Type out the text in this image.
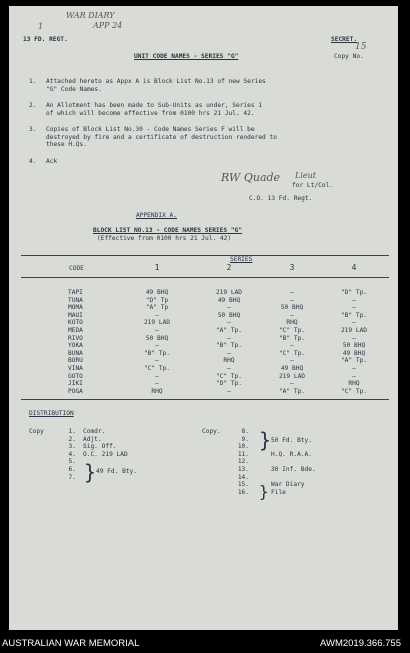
WAR DIARY
APP 24
1
13 FD. REGT.	SECRET.
UNIT CODE NAMES - SERIES "G"	Copy No.
15
1. Attached hereto as Appx A is Block List No.13 of new Series
"G" Code Names.
2. An Allotment has been made to Sub-Units as under, Series 1
of which will become effective from 0100 hrs 21 Jul. 42.
3. Copies of Block List No.30 - Code Names Series F will be
destroyed by fire and a certificate of destruction rendered to
these H.Qs.
4. Ack
RW Quade Lieut
for Lt/Col.
C.O. 13 Fd. Regt.
APPENDIX A.
BLOCK LIST NO.13 - CODE NAMES SERIES "G"
(Effective from 0100 hrs 21 Jul. 42)
SERIES
CODE	1	2	3	4
TAPI	49 BHQ	219 LAD	—	"D" Tp.
TUNA	"D" Tp	49 BHQ	—	—
MOMA	"A" Tp	—	50 BHQ	—
MAUI	—	50 BHQ	—	"B" Tp.
KOTO	219 LAD	—	RHQ	—
MEDA	—	"A" Tp.	"C" Tp.	219 LAD
RIVO	50 BHQ	—	"B" Tp.	—
YOKA	—	"B" Tp.	—	50 BHQ
BUNA	"B" Tp.	—	"C" Tp.	49 BHQ
BORU	—	RHQ	—	"A" Tp.
VINA	"C" Tp.	—	49 BHQ	—
GOTO	—	"C" Tp.	219 LAD	—
JIKI	—	"D" Tp.	—	RHQ
POGA	RHQ	—	"A" Tp.	"C" Tp.
DISTRIBUTION
Copy	1. Comdr.
2. Adjt.
3. Sig. Off.
4. O.C. 219 LAD
5.
6.
7. } 49 Fd. Bty.
Copy.	8.
9.
10.
11.	H.Q. R.A.A.
12.
13.	30 Inf. Bde.
14.
15.	War Diary
16.	File
} 50 Fd. Bty.
}
AUSTRALIAN WAR MEMORIAL	AWM2019.366.755
